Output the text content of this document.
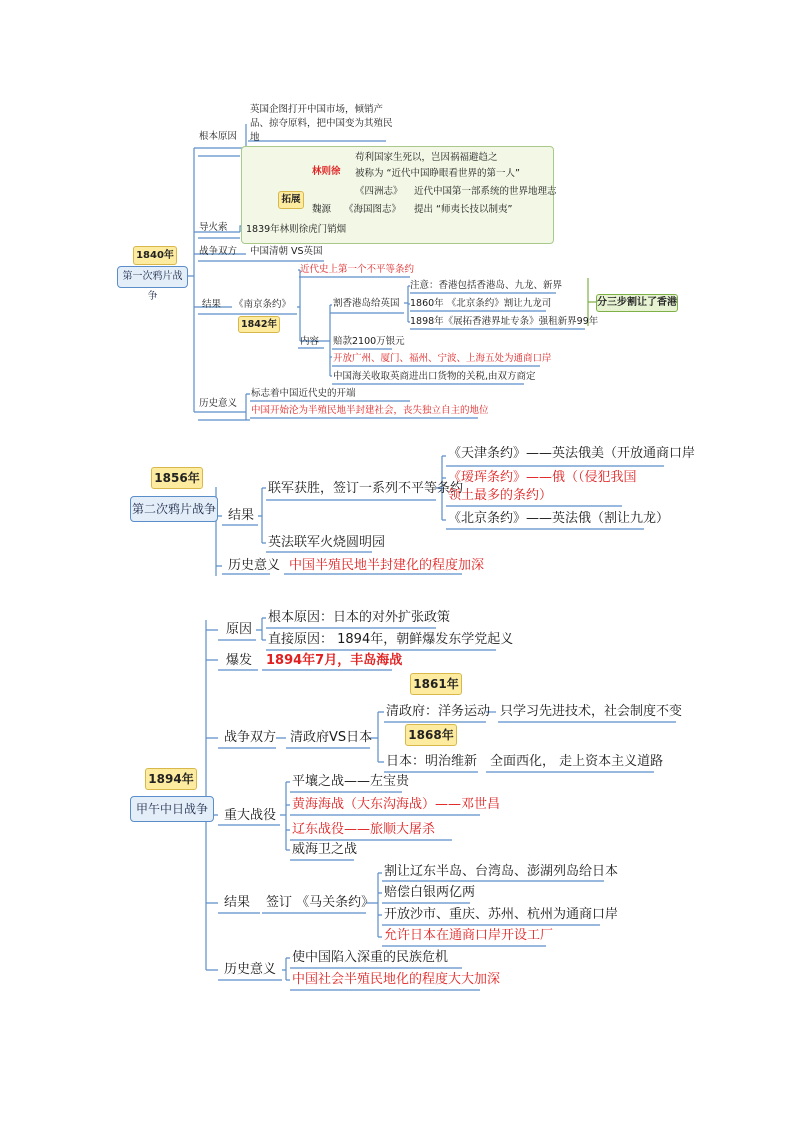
1840年
第一次鸦片战争
根本原因
英国企图打开中国市场，倾销产
品、掠夺原料，把中国变为其殖民
地
拓展
林则徐
苟利国家生死以，岂因祸福避趋之
被称为 “近代中国睁眼看世界的第一人”
《四洲志》 近代中国第一部系统的世界地理志
魏源 《海国图志》 提出 “师夷长技以制夷”
导火索 1839年林则徐虎门销烟
战争双方 中国清朝 VS英国
结果 《南京条约》
1842年
近代史上第一个不平等条约
内容
割香港岛给英国
注意：香港包括香港岛、九龙、新界
1860年 《北京条约》割让九龙司
1898年《展拓香港界址专条》强租新界99年
分三步割让了香港
赔款2100万银元
开放广州、厦门、福州、宁波、上海五处为通商口岸
中国海关收取英商进出口货物的关税,由双方商定
历史意义
标志着中国近代史的开端
中国开始沦为半殖民地半封建社会，丧失独立自主的地位
1856年
第二次鸦片战争 结果
联军获胜，签订一系列不平等条约
《天津条约》——英法俄美（开放通商口岸
《瑷珲条约》——俄（（侵犯我国
领土最多的条约）
《北京条约》——英法俄（割让九龙）
英法联军火烧圆明园
历史意义 中国半殖民地半封建化的程度加深
1894年
甲午中日战争
原因
根本原因：日本的对外扩张政策
直接原因： 1894年，朝鲜爆发东学党起义
爆发 1894年7月，丰岛海战
战争双方 清政府VS日本
1861年
清政府：洋务运动 只学习先进技术，社会制度不变
1868年
日本：明治维新 全面西化， 走上资本主义道路
重大战役
平壤之战——左宝贵
黄海海战（大东沟海战）——邓世昌
辽东战役——旅顺大屠杀
威海卫之战
结果 签订 《马关条约》
割让辽东半岛、台湾岛、澎湖列岛给日本
赔偿白银两亿两
开放沙市、重庆、苏州、杭州为通商口岸
允许日本在通商口岸开设工厂
历史意义
使中国陷入深重的民族危机
中国社会半殖民地化的程度大大加深
